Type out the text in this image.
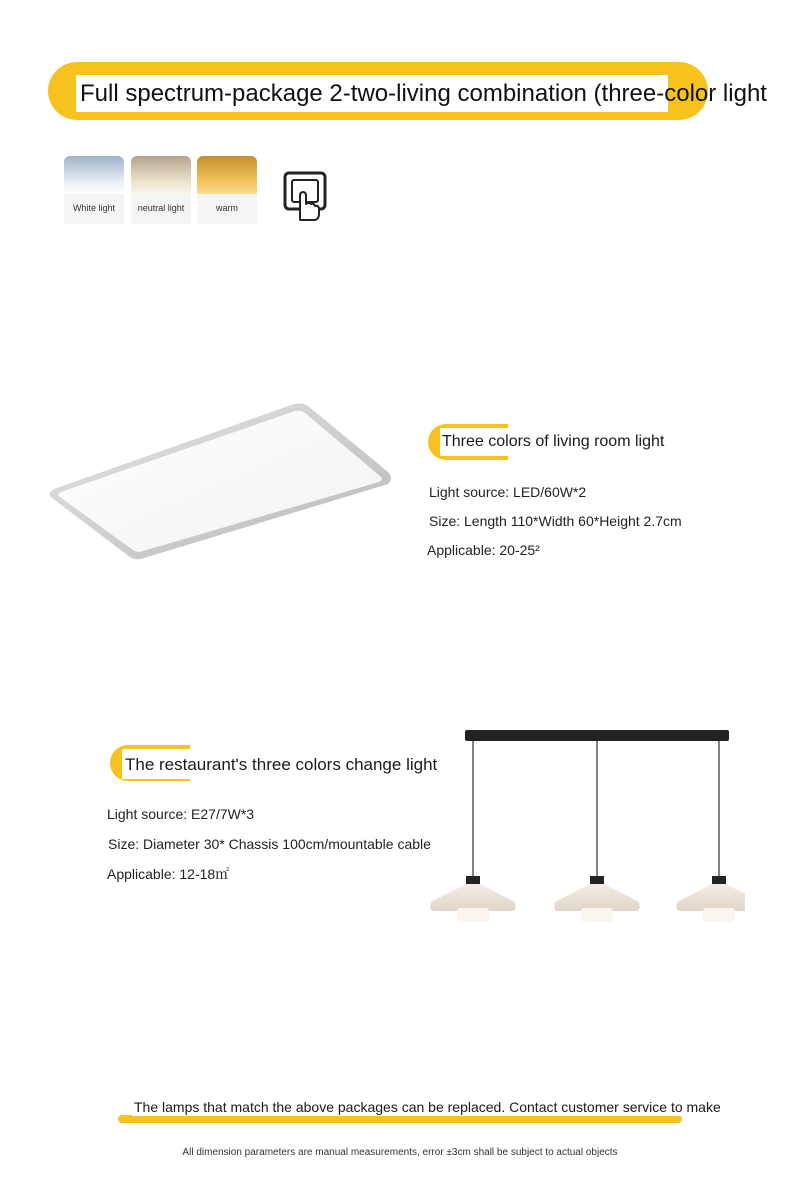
Full spectrum-package 2-two-living combination (three-color light
White light	neutral light	warm
Three colors of living room light
Light source: LED/60W*2
Size: Length 110*Width 60*Height 2.7cm
Applicable: 20-25²
The restaurant's three colors change light
Light source: E27/7W*3
Size: Diameter 30* Chassis 100cm/mountable cable
Applicable: 12-18㎡
The lamps that match the above packages can be replaced. Contact customer service to make
All dimension parameters are manual measurements, error ±3cm shall be subject to actual objects
